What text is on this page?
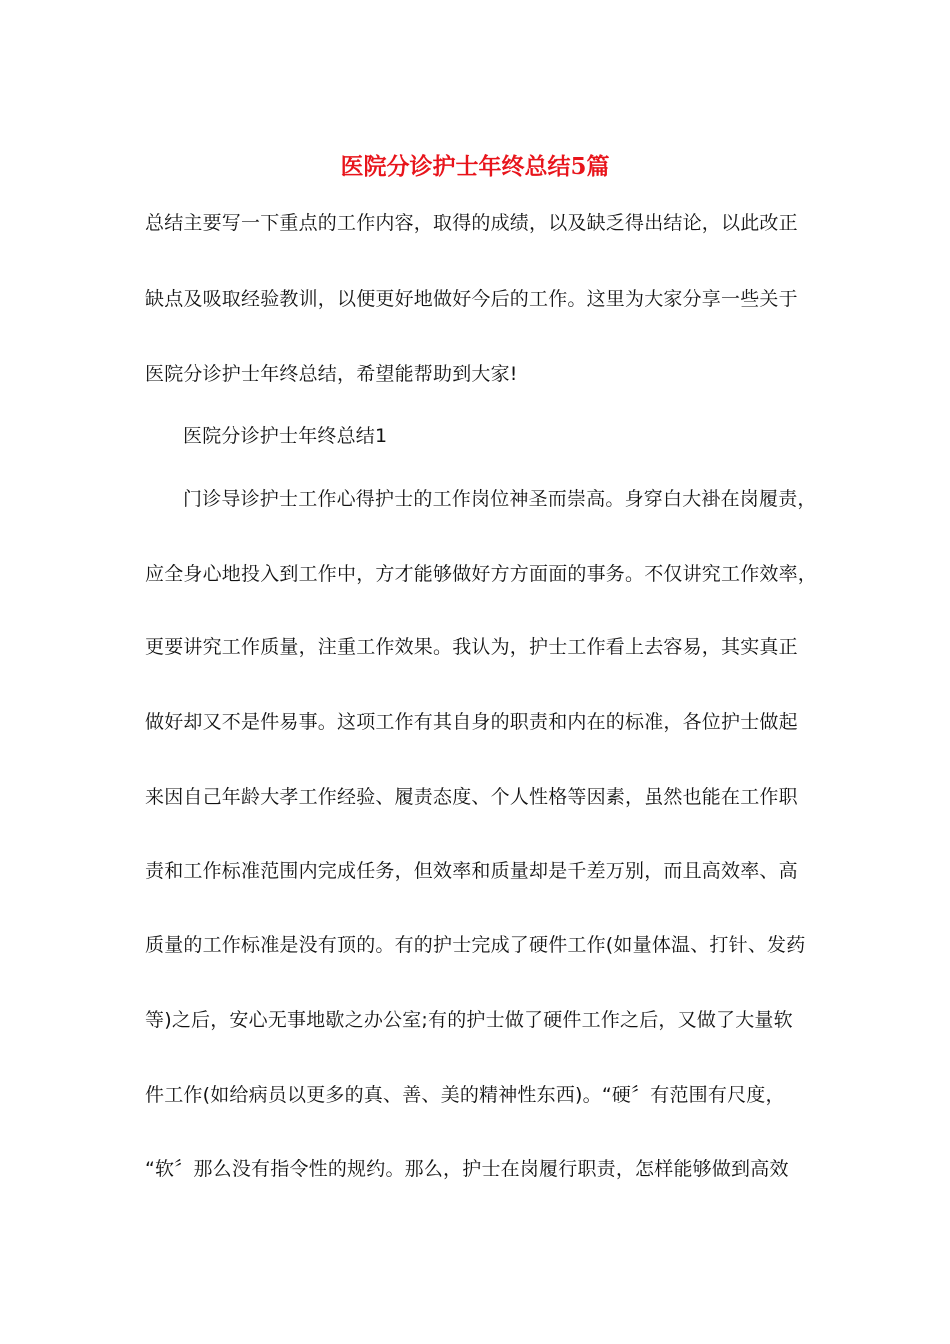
医院分诊护士年终总结5篇
总结主要写一下重点的工作内容，取得的成绩，以及缺乏得出结论，以此改正
缺点及吸取经验教训，以便更好地做好今后的工作。这里为大家分享一些关于
医院分诊护士年终总结，希望能帮助到大家!
医院分诊护士年终总结1
门诊导诊护士工作心得护士的工作岗位神圣而崇高。身穿白大褂在岗履责，
应全身心地投入到工作中，方才能够做好方方面面的事务。不仅讲究工作效率，
更要讲究工作质量，注重工作效果。我认为，护士工作看上去容易，其实真正
做好却又不是件易事。这项工作有其自身的职责和内在的标准，各位护士做起
来因自己年龄大孝工作经验、履责态度、个人性格等因素，虽然也能在工作职
责和工作标准范围内完成任务，但效率和质量却是千差万别，而且高效率、高
质量的工作标准是没有顶的。有的护士完成了硬件工作(如量体温、打针、发药
等)之后，安心无事地歇之办公室;有的护士做了硬件工作之后，又做了大量软
件工作(如给病员以更多的真、善、美的精神性东西)。“硬〞有范围有尺度，
“软〞那么没有指令性的规约。那么，护士在岗履行职责，怎样能够做到高效
